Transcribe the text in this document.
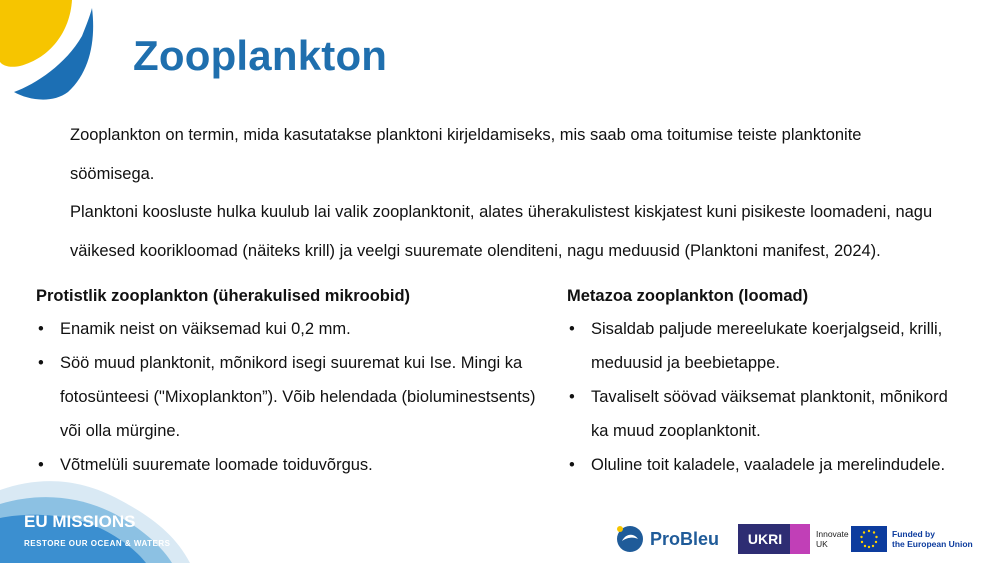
Zooplankton

Zooplankton on termin, mida kasutatakse planktoni kirjeldamiseks, mis saab oma toitumise teiste planktonite söömisega.

Planktoni koosluste hulka kuulub lai valik zooplanktonit, alates üherakulistest kiskjatest kuni pisikeste loomadeni, nagu väikesed koorikloomad (näiteks krill) ja veelgi suuremate olenditeni, nagu meduusid (Planktoni manifest, 2024).

Protistlik zooplankton (üherakulised mikroobid)
• Enamik neist on väiksemad kui 0,2 mm.
• Söö muud planktonit, mõnikord isegi suuremat kui Ise. Mingi ka fotosünteesi ("Mixoplankton”). Võib helendada (bioluminestsents) või olla mürgine.
• Võtmelüli suuremate loomade toiduvõrgus.
Metazoa zooplankton (loomad)
• Sisaldab paljude mereelukate koerjalgseid, krilli, meduusid ja beebietappe.
• Tavaliselt söövad väiksemat planktonit, mõnikord ka muud zooplanktonit.
• Oluline toit kaladele, vaaladele ja merelindudele.
EU MISSIONS
RESTORE OUR OCEAN & WATERS	ProBleu	UKRI	Innovate
UK
Funded by
the European Union
